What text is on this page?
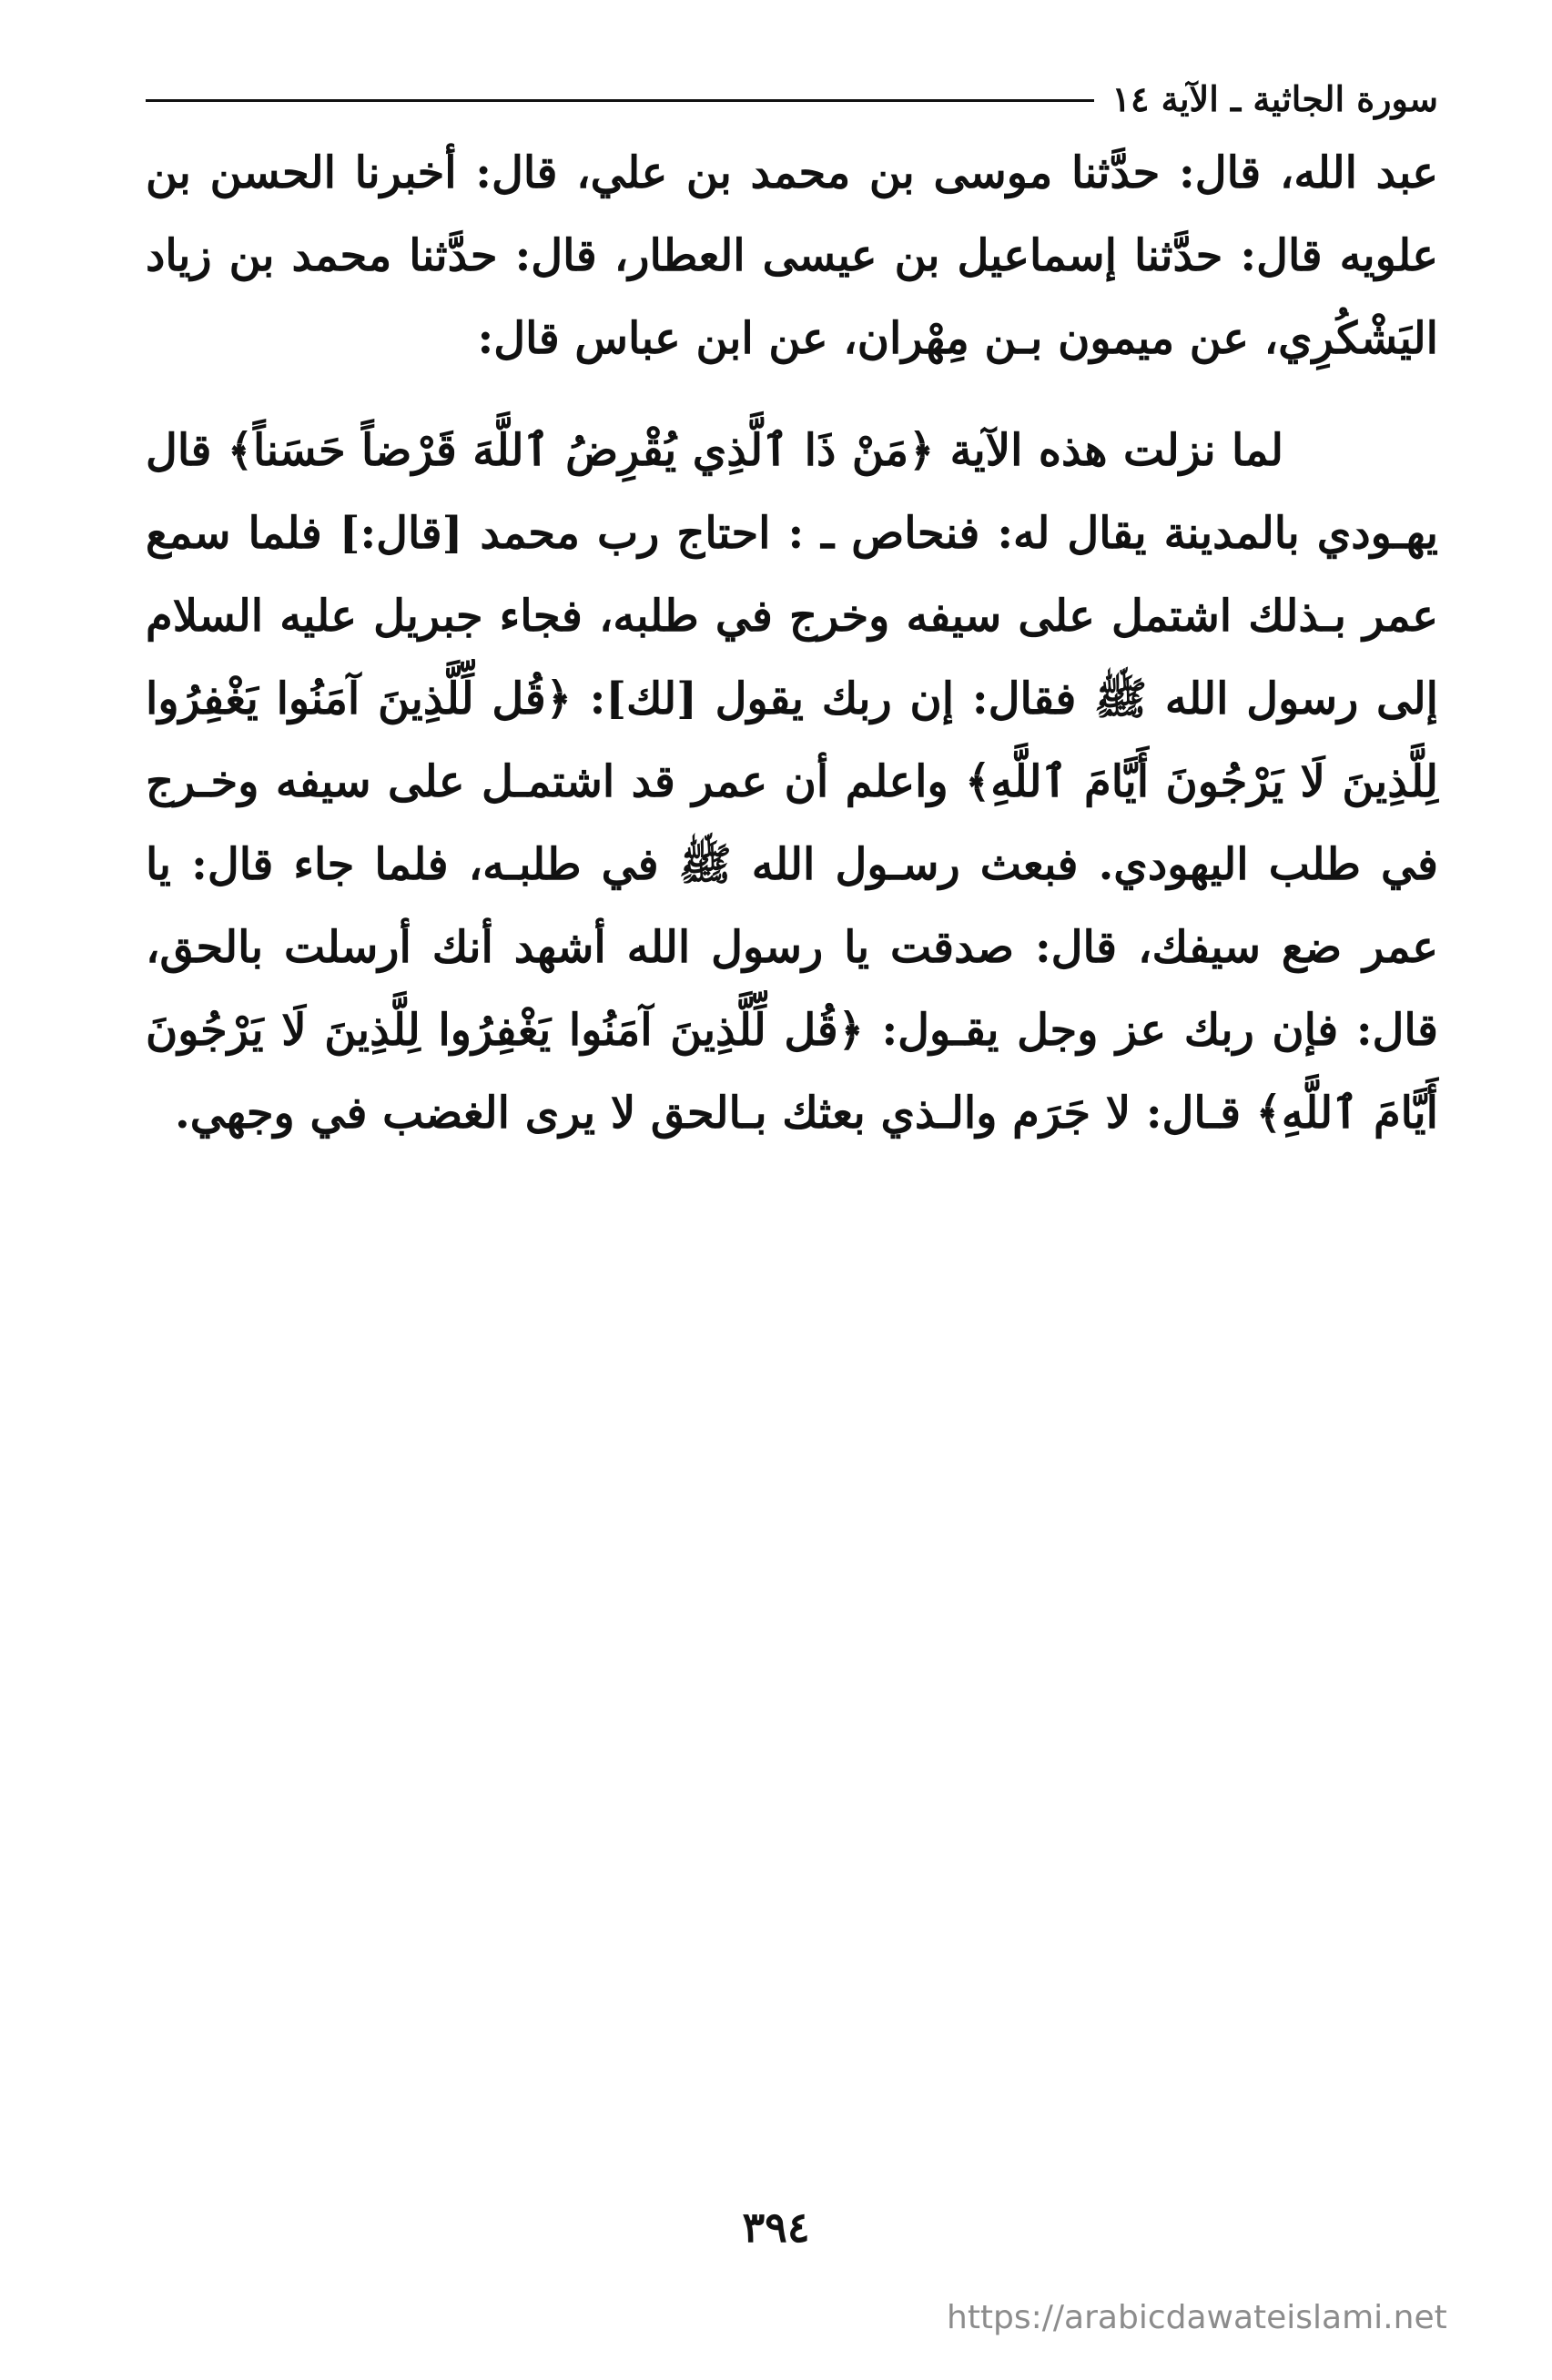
سورة الجاثية ـ الآية ١٤

عبد الله، قال: حدَّثنا موسى بن محمد بن علي، قال: أخبرنا الحسن بن علويه قال: حدَّثنا إسماعيل بن عيسى العطار، قال: حدَّثنا محمد بن زياد اليَشْكُرِي، عن ميمون بـن مِهْران، عن ابن عباس قال:

لما نزلت هذه الآية ﴿مَنْ ذَا ٱلَّذِي يُقْرِضُ ٱللَّهَ قَرْضاً حَسَناً﴾ قال يهـودي بالمدينة يقال له: فنحاص ـ : احتاج رب محمد [قال:] فلما سمع عمر بـذلك اشتمل على سيفه وخرج في طلبه، فجاء جبريل عليه السلام إلى رسول الله ﷺ فقال: إن ربك يقول [لك]: ﴿قُل لِّلَّذِينَ آمَنُوا يَغْفِرُوا لِلَّذِينَ لَا يَرْجُونَ أَيَّامَ ٱللَّهِ﴾ واعلم أن عمر قد اشتمـل على سيفه وخـرج في طلب اليهودي. فبعث رسـول الله ﷺ في طلبـه، فلما جاء قال: يا عمر ضع سيفك، قال: صدقت يا رسول الله أشهد أنك أرسلت بالحق، قال: فإن ربك عز وجل يقـول: ﴿قُل لِّلَّذِينَ آمَنُوا يَغْفِرُوا لِلَّذِينَ لَا يَرْجُونَ أَيَّامَ ٱللَّهِ﴾ قـال: لا جَرَم والـذي بعثك بـالحق لا يرى الغضب في وجهي.

٣٩٤
https://arabicdawateislami.net
